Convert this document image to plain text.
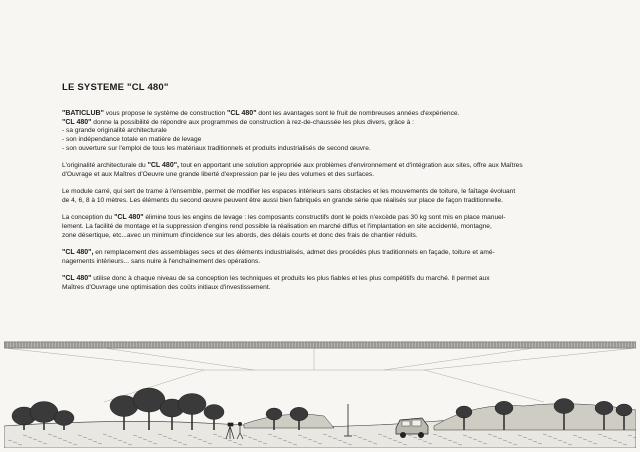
LE SYSTEME "CL 480"
"BATICLUB" vous propose le système de construction "CL 480" dont les avantages sont le fruit de nombreuses années d'expérience.
"CL 480" donne la possibilité de répondre aux programmes de construction à rez-de-chaussée les plus divers, grâce à :
- sa grande originalité architecturale
- son indépendance totale en matière de levage
- son ouverture sur l'emploi de tous les matériaux traditionnels et produits industrialisés de second œuvre.
L'originalité architecturale du "CL 480", tout en apportant une solution appropriée aux problèmes d'environnement et d'intégration aux sites, offre aux Maîtres
d'Ouvrage et aux Maîtres d'Oeuvre une grande liberté d'expression par le jeu des volumes et des surfaces.
Le module carré, qui sert de trame à l'ensemble, permet de modifier les espaces intérieurs sans obstacles et les mouvements de toiture, le faîtage évoluant
de 4, 6, 8 à 10 mètres. Les éléments du second œuvre peuvent être aussi bien fabriqués en grande série que réalisés sur place de façon traditionnelle.
La conception du "CL 480" élimine tous les engins de levage : les composants constructifs dont le poids n'excède pas 30 kg sont mis en place manuel-
lement. La facilité de montage et la suppression d'engins rend possible la réalisation en marché diffus et l'implantation en site accidenté, montagne,
zone désertique, etc...avec un minimum d'incidence sur les abords, des délais courts et donc des frais de chantier réduits.
"CL 480", en remplacement des assemblages secs et des éléments industrialisés, admet des procédés plus traditionnels en façade, toiture et amé-
nagements intérieurs... sans nuire à l'enchaînement des opérations.
"CL 480" utilise donc à chaque niveau de sa conception les techniques et produits les plus fiables et les plus compétitifs du marché. Il permet aux
Maîtres d'Ouvrage une optimisation des coûts initiaux d'investissement.
